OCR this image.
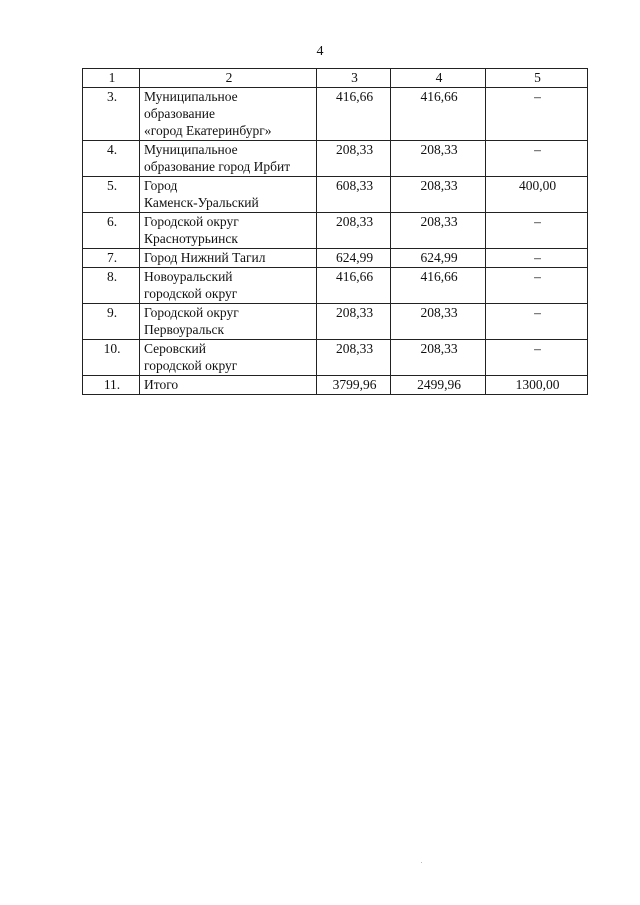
4
1	2	3	4	5
3.	Муниципальное
образование
«город Екатеринбург»	416,66	416,66	–
4.	Муниципальное
образование город Ирбит	208,33	208,33	–
5.	Город
Каменск-Уральский	608,33	208,33	400,00
6.	Городской округ
Краснотурьинск	208,33	208,33	–
7.	Город Нижний Тагил	624,99	624,99	–
8.	Новоуральский
городской округ	416,66	416,66	–
9.	Городской округ
Первоуральск	208,33	208,33	–
10.	Серовский
городской округ	208,33	208,33	–
11.	Итого	3799,96	2499,96	1300,00
